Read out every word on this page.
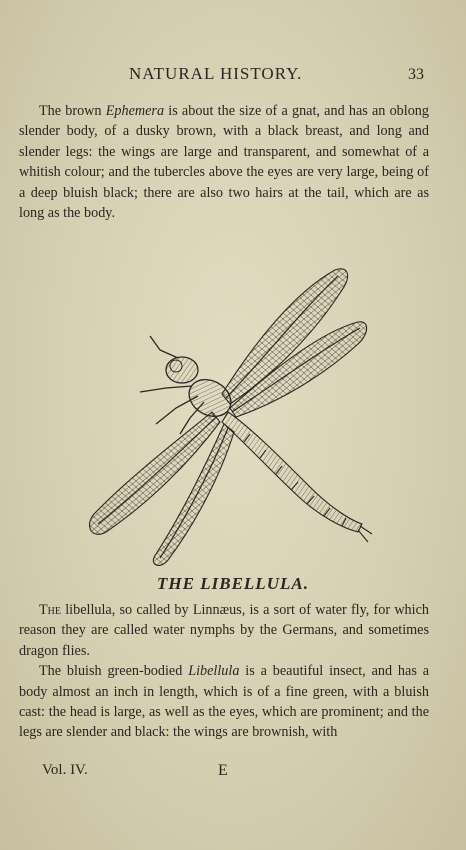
NATURAL HISTORY.	33

The brown Ephemera is about the size of a gnat, and has an oblong slender body, of a dusky brown, with a black breast, and long and slender legs: the wings are large and transparent, and somewhat of a whitish colour; and the tubercles above the eyes are very large, being of a deep bluish black; there are also two hairs at the tail, which are as long as the body.

THE LIBELLULA.

The libellula, so called by Linnæus, is a sort of water fly, for which reason they are called water nymphs by the Germans, and sometimes dragon flies.

The bluish green-bodied Libellula is a beautiful insect, and has a body almost an inch in length, which is of a fine green, with a bluish cast: the head is large, as well as the eyes, which are prominent; and the legs are slender and black: the wings are brownish, with

Vol. IV.	E
